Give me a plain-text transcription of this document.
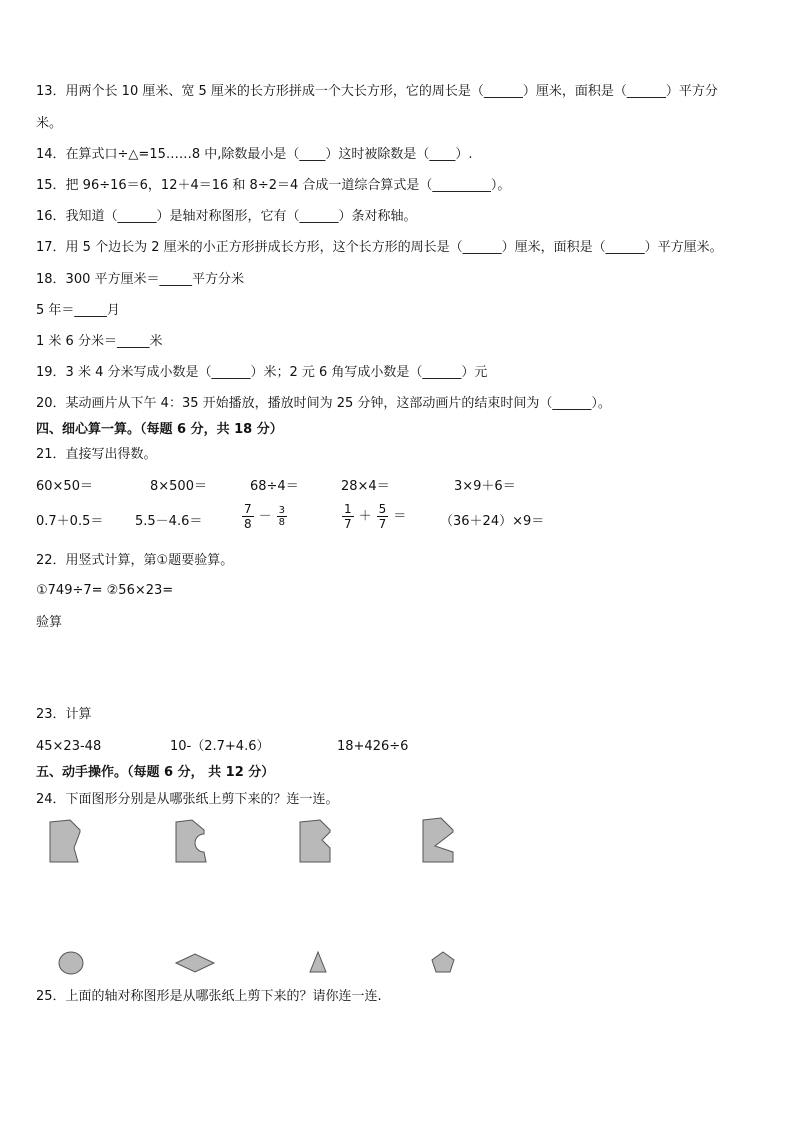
13．用两个长 10 厘米、宽 5 厘米的长方形拼成一个大长方形，它的周长是（______）厘米，面积是（______）平方分
米。
14．在算式口÷△=15……8 中,除数最小是（____）这时被除数是（____）.
15．把 96÷16＝6，12＋4＝16 和 8÷2＝4 合成一道综合算式是（_________）。
16．我知道（______）是轴对称图形，它有（______）条对称轴。
17．用 5 个边长为 2 厘米的小正方形拼成长方形，这个长方形的周长是（______）厘米，面积是（______）平方厘米。
18．300 平方厘米＝_____平方分米
5 年＝_____月
1 米 6 分米＝_____米
19．3 米 4 分米写成小数是（______）米；2 元 6 角写成小数是（______）元
20．某动画片从下午 4：35 开始播放，播放时间为 25 分钟，这部动画片的结束时间为（______）。
四、细心算一算。（每题 6 分，共 18 分）
21．直接写出得数。
60×50＝	8×500＝	68÷4＝	28×4＝	3×9＋6＝
0.7＋0.5＝ 5.5－4.6＝	$\frac{7}{8} - \frac{3}{8}$	$\frac{1}{7} + \frac{5}{7}$ ＝	（36＋24）×9＝
22．用竖式计算，第①题要验算。
①749÷7= ②56×23=
验算
23．计算
45×23-48	10-（2.7+4.6）	18+426÷6
五、动手操作。（每题 6 分， 共 12 分）
24．下面图形分别是从哪张纸上剪下来的？连一连。
25．上面的轴对称图形是从哪张纸上剪下来的？请你连一连.
